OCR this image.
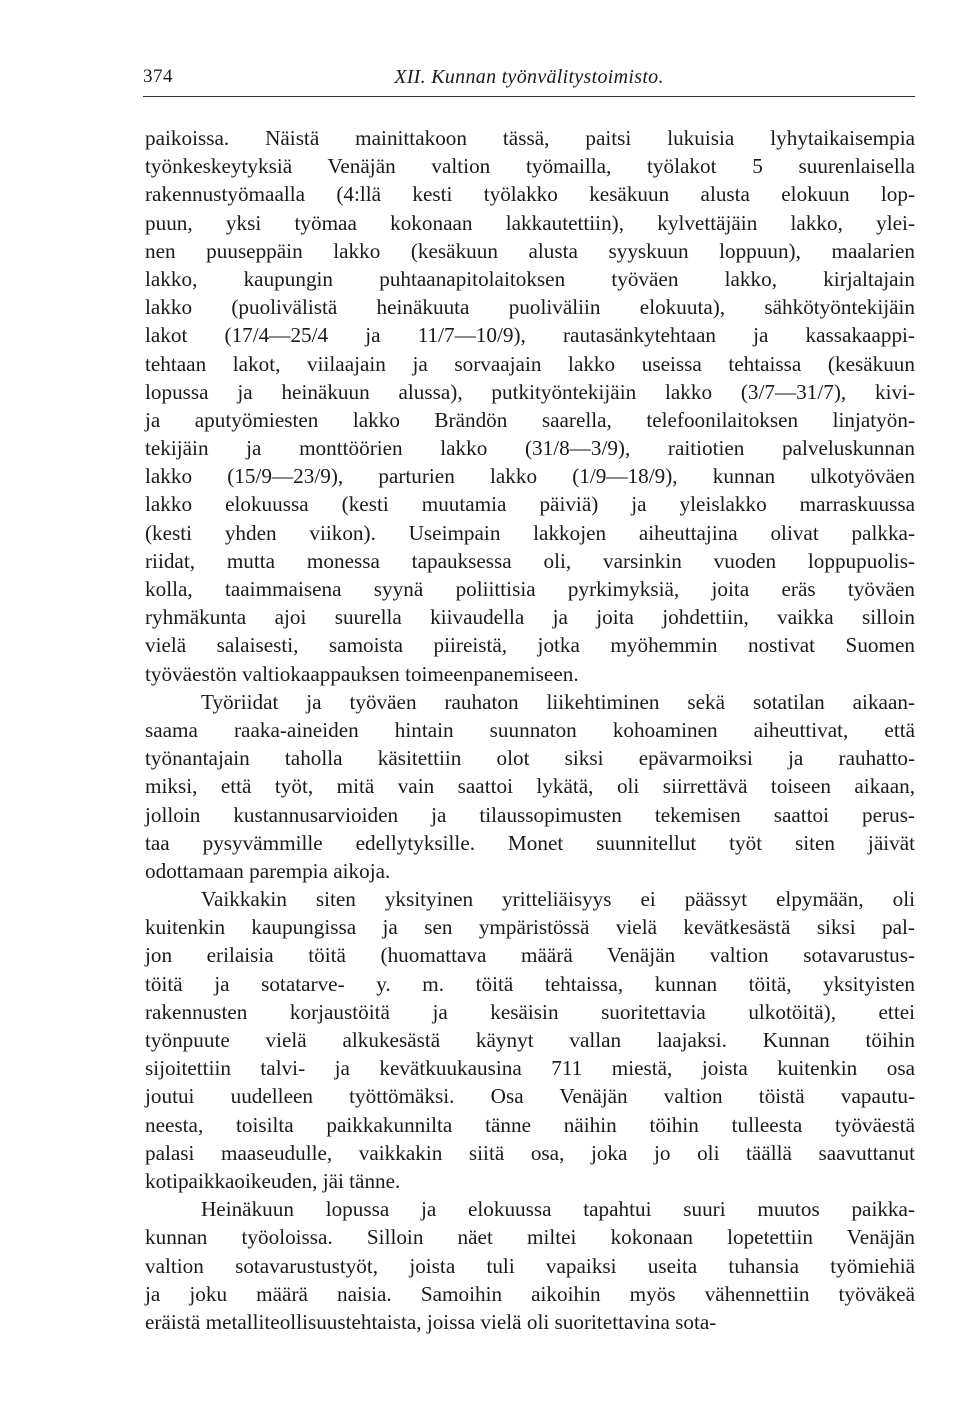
374	XII. Kunnan työnvälitystoimisto.
paikoissa. Näistä mainittakoon tässä, paitsi lukuisia lyhytaikaisempia
työnkeskeytyksiä Venäjän valtion työmailla, työlakot 5 suurenlaisella
rakennustyömaalla (4:llä kesti työlakko kesäkuun alusta elokuun lop-
puun, yksi työmaa kokonaan lakkautettiin), kylvettäjäin lakko, ylei-
nen puuseppäin lakko (kesäkuun alusta syyskuun loppuun), maalarien
lakko, kaupungin puhtaanapitolaitoksen työväen lakko, kirjaltajain
lakko (puolivälistä heinäkuuta puoliväliin elokuuta), sähkötyöntekijäin
lakot (17/4—25/4 ja 11/7—10/9), rautasänkytehtaan ja kassakaappi-
tehtaan lakot, viilaajain ja sorvaajain lakko useissa tehtaissa (kesäkuun
lopussa ja heinäkuun alussa), putkityöntekijäin lakko (3/7—31/7), kivi-
ja aputyömiesten lakko Brändön saarella, telefoonilaitoksen linjatyön-
tekijäin ja monttöörien lakko (31/8—3/9), raitiotien palveluskunnan
lakko (15/9—23/9), parturien lakko (1/9—18/9), kunnan ulkotyöväen
lakko elokuussa (kesti muutamia päiviä) ja yleislakko marraskuussa
(kesti yhden viikon). Useimpain lakkojen aiheuttajina olivat palkka-
riidat, mutta monessa tapauksessa oli, varsinkin vuoden loppupuolis-
kolla, taaimmaisena syynä poliittisia pyrkimyksiä, joita eräs työväen
ryhmäkunta ajoi suurella kiivaudella ja joita johdettiin, vaikka silloin
vielä salaisesti, samoista piireistä, jotka myöhemmin nostivat Suomen
työväestön valtiokaappauksen toimeenpanemiseen.
Työriidat ja työväen rauhaton liikehtiminen sekä sotatilan aikaan-
saama raaka-aineiden hintain suunnaton kohoaminen aiheuttivat, että
työnantajain taholla käsitettiin olot siksi epävarmoiksi ja rauhatto-
miksi, että työt, mitä vain saattoi lykätä, oli siirrettävä toiseen aikaan,
jolloin kustannusarvioiden ja tilaussopimusten tekemisen saattoi perus-
taa pysyvämmille edellytyksille. Monet suunnitellut työt siten jäivät
odottamaan parempia aikoja.
Vaikkakin siten yksityinen yritteliäisyys ei päässyt elpymään, oli
kuitenkin kaupungissa ja sen ympäristössä vielä kevätkesästä siksi pal-
jon erilaisia töitä (huomattava määrä Venäjän valtion sotavarustus-
töitä ja sotatarve- y. m. töitä tehtaissa, kunnan töitä, yksityisten
rakennusten korjaustöitä ja kesäisin suoritettavia ulkotöitä), ettei
työnpuute vielä alkukesästä käynyt vallan laajaksi. Kunnan töihin
sijoitettiin talvi- ja kevätkuukausina 711 miestä, joista kuitenkin osa
joutui uudelleen työttömäksi. Osa Venäjän valtion töistä vapautu-
neesta, toisilta paikkakunnilta tänne näihin töihin tulleesta työväestä
palasi maaseudulle, vaikkakin siitä osa, joka jo oli täällä saavuttanut
kotipaikkaoikeuden, jäi tänne.
Heinäkuun lopussa ja elokuussa tapahtui suuri muutos paikka-
kunnan työoloissa. Silloin näet miltei kokonaan lopetettiin Venäjän
valtion sotavarustustyöt, joista tuli vapaiksi useita tuhansia työmiehiä
ja joku määrä naisia. Samoihin aikoihin myös vähennettiin työväkeä
eräistä metalliteollisuustehtaista, joissa vielä oli suoritettavina sota-
